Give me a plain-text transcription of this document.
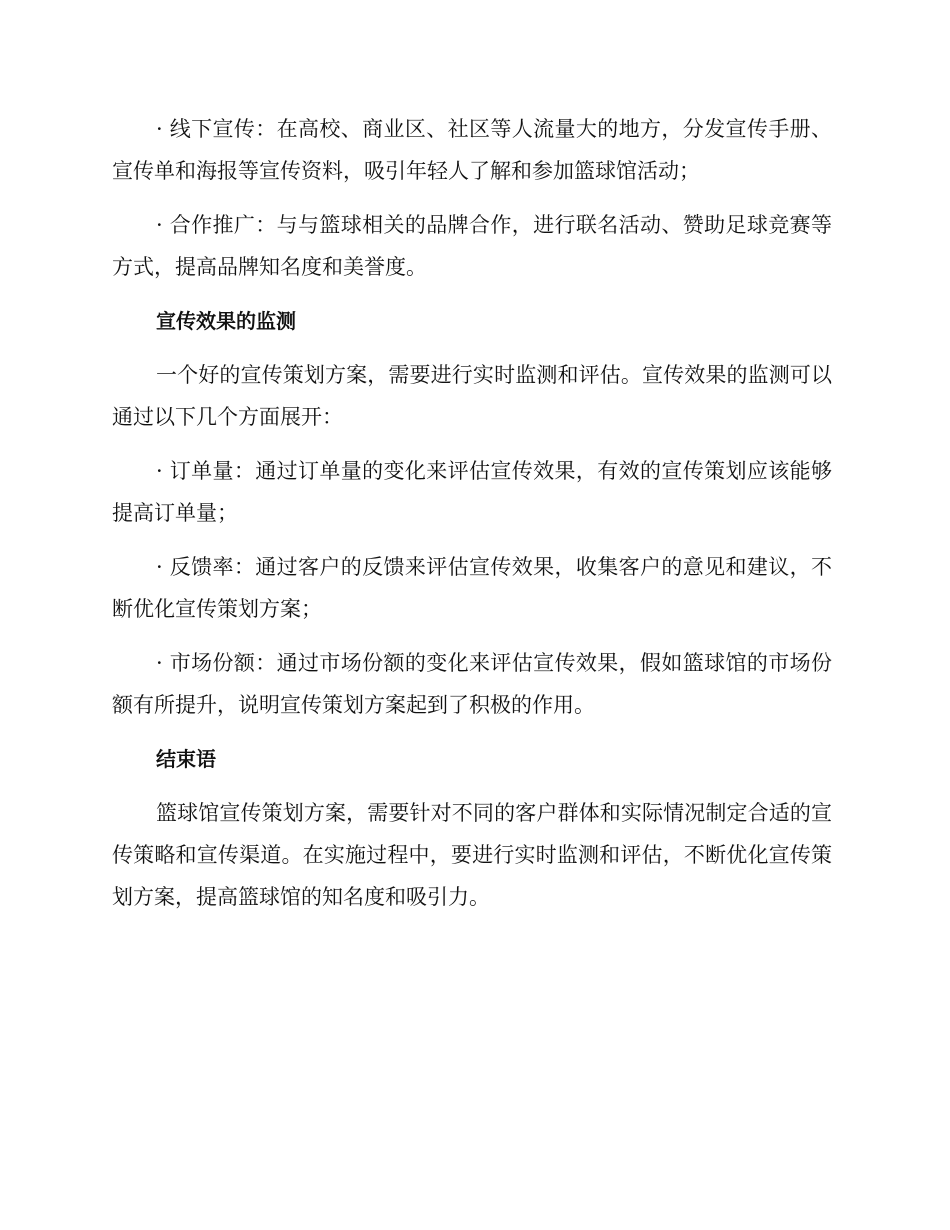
· 线下宣传：在高校、商业区、社区等人流量大的地方，分发宣传手册、宣传单和海报等宣传资料，吸引年轻人了解和参加篮球馆活动；

· 合作推广：与与篮球相关的品牌合作，进行联名活动、赞助足球竞赛等方式，提高品牌知名度和美誉度。

宣传效果的监测

一个好的宣传策划方案，需要进行实时监测和评估。宣传效果的监测可以通过以下几个方面展开：

· 订单量：通过订单量的变化来评估宣传效果，有效的宣传策划应该能够提高订单量；

· 反馈率：通过客户的反馈来评估宣传效果，收集客户的意见和建议，不断优化宣传策划方案；

· 市场份额：通过市场份额的变化来评估宣传效果，假如篮球馆的市场份额有所提升，说明宣传策划方案起到了积极的作用。

结束语

篮球馆宣传策划方案，需要针对不同的客户群体和实际情况制定合适的宣传策略和宣传渠道。在实施过程中，要进行实时监测和评估，不断优化宣传策划方案，提高篮球馆的知名度和吸引力。
